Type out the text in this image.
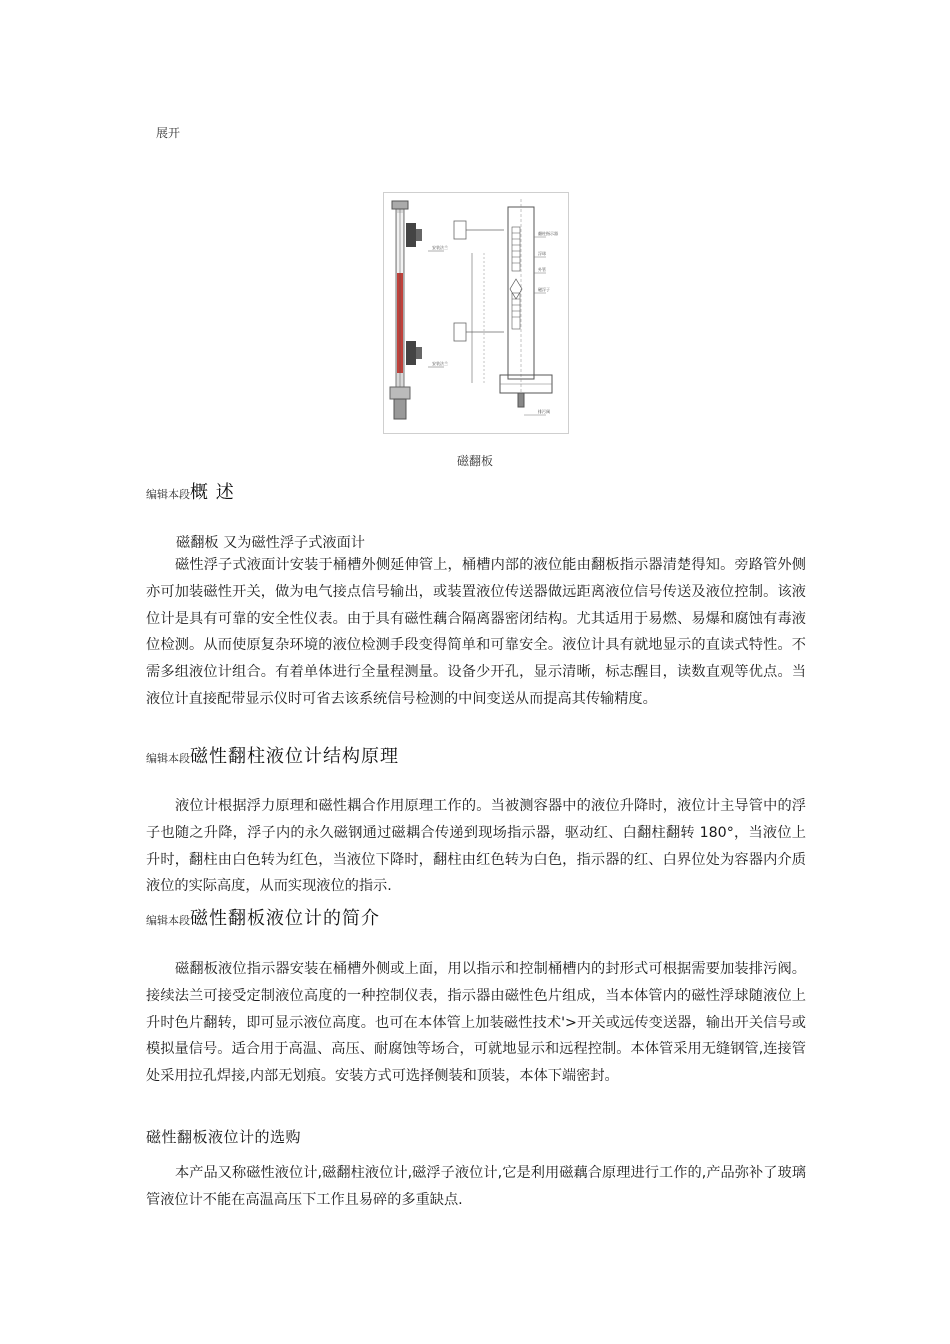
展开
安装法兰
安装法兰
翻柱指示器
浮球
外管
磁浮子
排污阀
磁翻板
编辑本段概 述
磁翻板 又为磁性浮子式液面计
磁性浮子式液面计安装于桶槽外侧延伸管上，桶槽内部的液位能由翻板指示器清楚得知。旁路管外侧亦可加装磁性开关，做为电气接点信号输出，或装置液位传送器做远距离液位信号传送及液位控制。该液位计是具有可靠的安全性仪表。由于具有磁性藕合隔离器密闭结构。尤其适用于易燃、易爆和腐蚀有毒液位检测。从而使原复杂环境的液位检测手段变得简单和可靠安全。液位计具有就地显示的直读式特性。不需多组液位计组合。有着单体进行全量程测量。设备少开孔，显示清晰，标志醒目，读数直观等优点。当液位计直接配带显示仪时可省去该系统信号检测的中间变送从而提高其传输精度。
编辑本段磁性翻柱液位计结构原理
液位计根据浮力原理和磁性耦合作用原理工作的。当被测容器中的液位升降时，液位计主导管中的浮子也随之升降，浮子内的永久磁钢通过磁耦合传递到现场指示器，驱动红、白翻柱翻转 180°，当液位上升时，翻柱由白色转为红色，当液位下降时，翻柱由红色转为白色，指示器的红、白界位处为容器内介质液位的实际高度，从而实现液位的指示.
编辑本段磁性翻板液位计的简介
磁翻板液位指示器安装在桶槽外侧或上面，用以指示和控制桶槽内的封形式可根据需要加装排污阀。接续法兰可接受定制液位高度的一种控制仪表，指示器由磁性色片组成，当本体管内的磁性浮球随液位上升时色片翻转，即可显示液位高度。也可在本体管上加装磁性技术'>开关或远传变送器，输出开关信号或模拟量信号。适合用于高温、高压、耐腐蚀等场合，可就地显示和远程控制。本体管采用无缝钢管,连接管处采用拉孔焊接,内部无划痕。安装方式可选择侧装和顶装，本体下端密封。
磁性翻板液位计的选购
本产品又称磁性液位计,磁翻柱液位计,磁浮子液位计,它是利用磁藕合原理进行工作的,产品弥补了玻璃管液位计不能在高温高压下工作且易碎的多重缺点.
